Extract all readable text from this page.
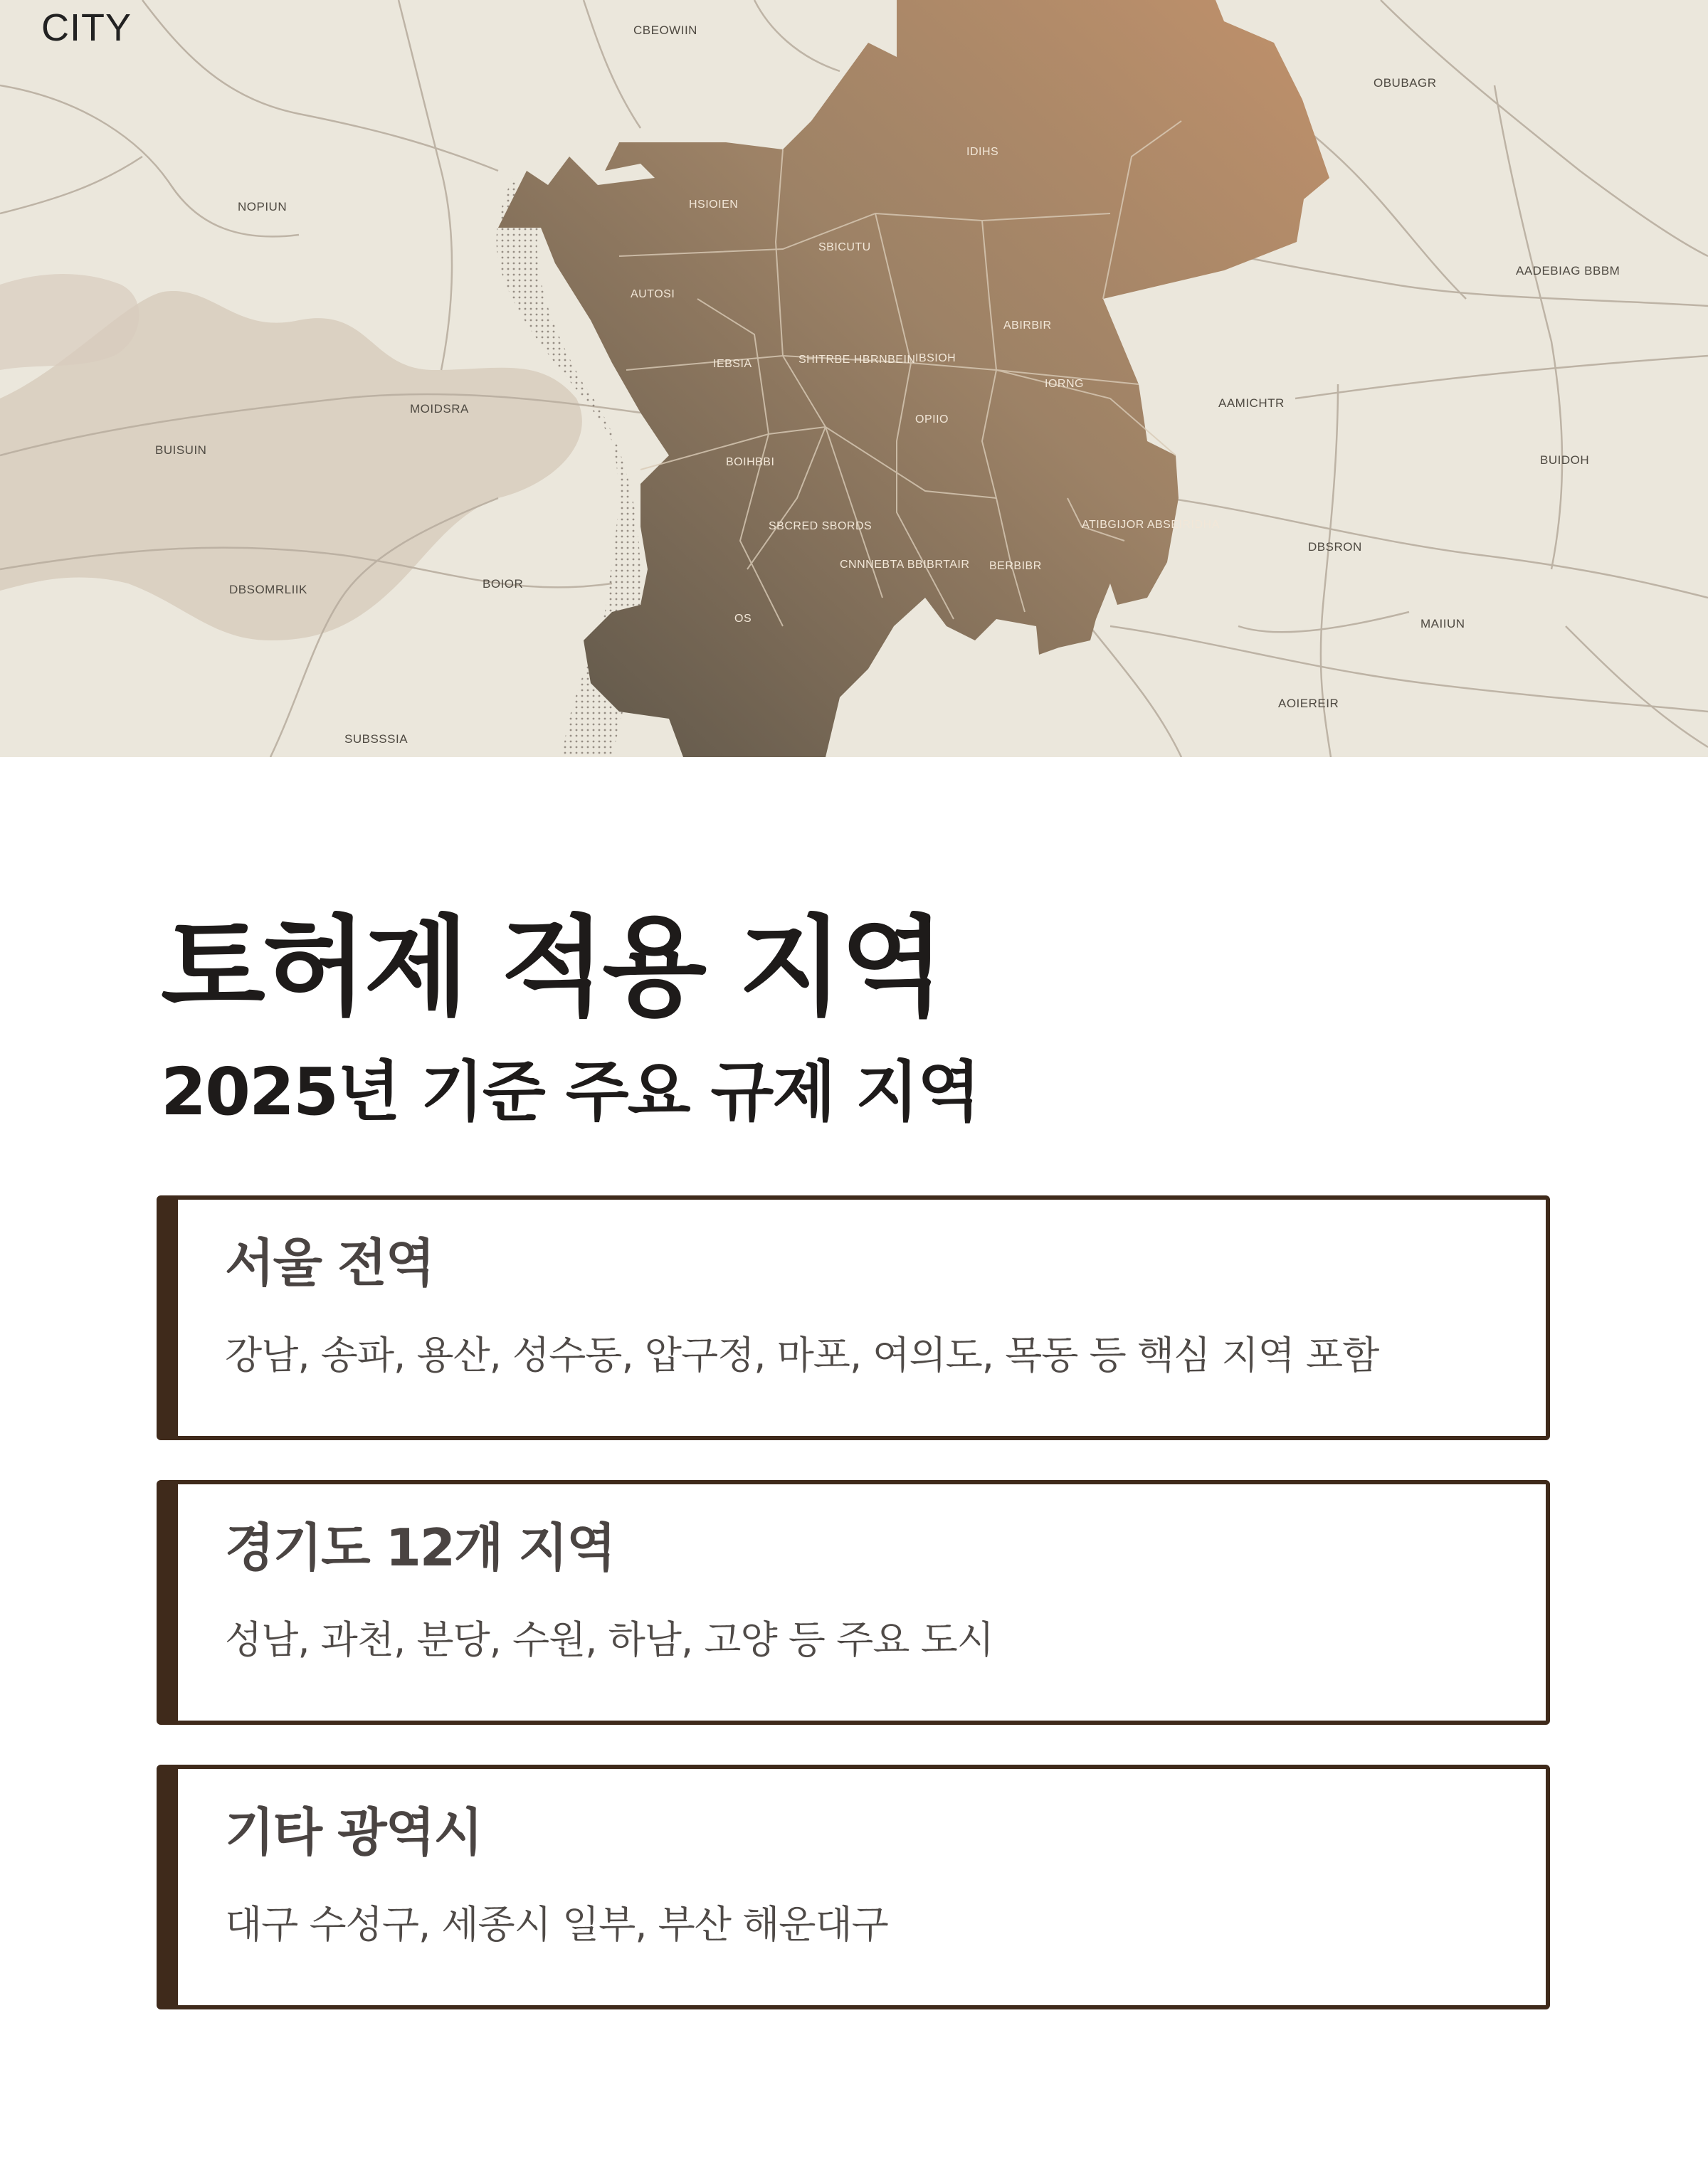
CBEOWIIN
OBUBAGR
NOPIUN
AADEBIAG BBBM
MOIDSRA
BUISUIN
AAMICHTR
BUIDOH
DBSRON
DBSOMRLIIK	BOIOR
MAIIUN
AOIEREIR
SUBSSSIA
HSIOIEN
SBICUTU
AUTOSI
IEBSIA	SHITRBE HBRNBEIN IBSIOH
ABIRBIR
BOIHBBI
SBCRED SBORDS
CNNNEBTA BBIBRTAIR BERBIBR
OS
IDIHS
IORNG
OPIIO
ATIBGIJOR ABSEIRIDHA
CITY
토허제 적용 지역
2025년 기준 주요 규제 지역
서울 전역
강남, 송파, 용산, 성수동, 압구정, 마포, 여의도, 목동 등 핵심 지역 포함
경기도 12개 지역
성남, 과천, 분당, 수원, 하남, 고양 등 주요 도시
기타 광역시
대구 수성구, 세종시 일부, 부산 해운대구
